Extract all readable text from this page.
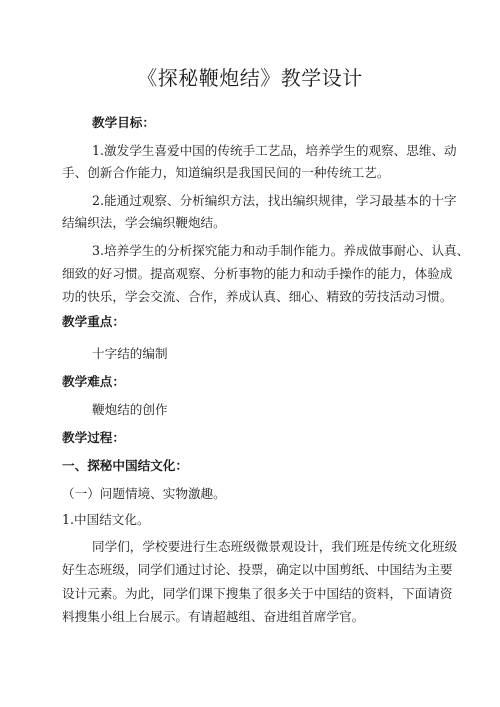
《探秘鞭炮结》教学设计
教学目标：
1.激发学生喜爱中国的传统手工艺品，培养学生的观察、思维、动
手、创新合作能力，知道编织是我国民间的一种传统工艺。
2.能通过观察、分析编织方法，找出编织规律，学习最基本的十字
结编织法，学会编织鞭炮结。
3.培养学生的分析探究能力和动手制作能力。养成做事耐心、认真、
细致的好习惯。提高观察、分析事物的能力和动手操作的能力，体验成
功的快乐，学会交流、合作，养成认真、细心、精致的劳技活动习惯。
教学重点：
十字结的编制
教学难点：
鞭炮结的创作
教学过程：
一、探秘中国结文化：
（一）问题情境、实物激趣。
1.中国结文化。
同学们，学校要进行生态班级微景观设计，我们班是传统文化班级
好生态班级，同学们通过讨论、投票，确定以中国剪纸、中国结为主要
设计元素。为此，同学们课下搜集了很多关于中国结的资料，下面请资
料搜集小组上台展示。有请超越组、奋进组首席学官。
